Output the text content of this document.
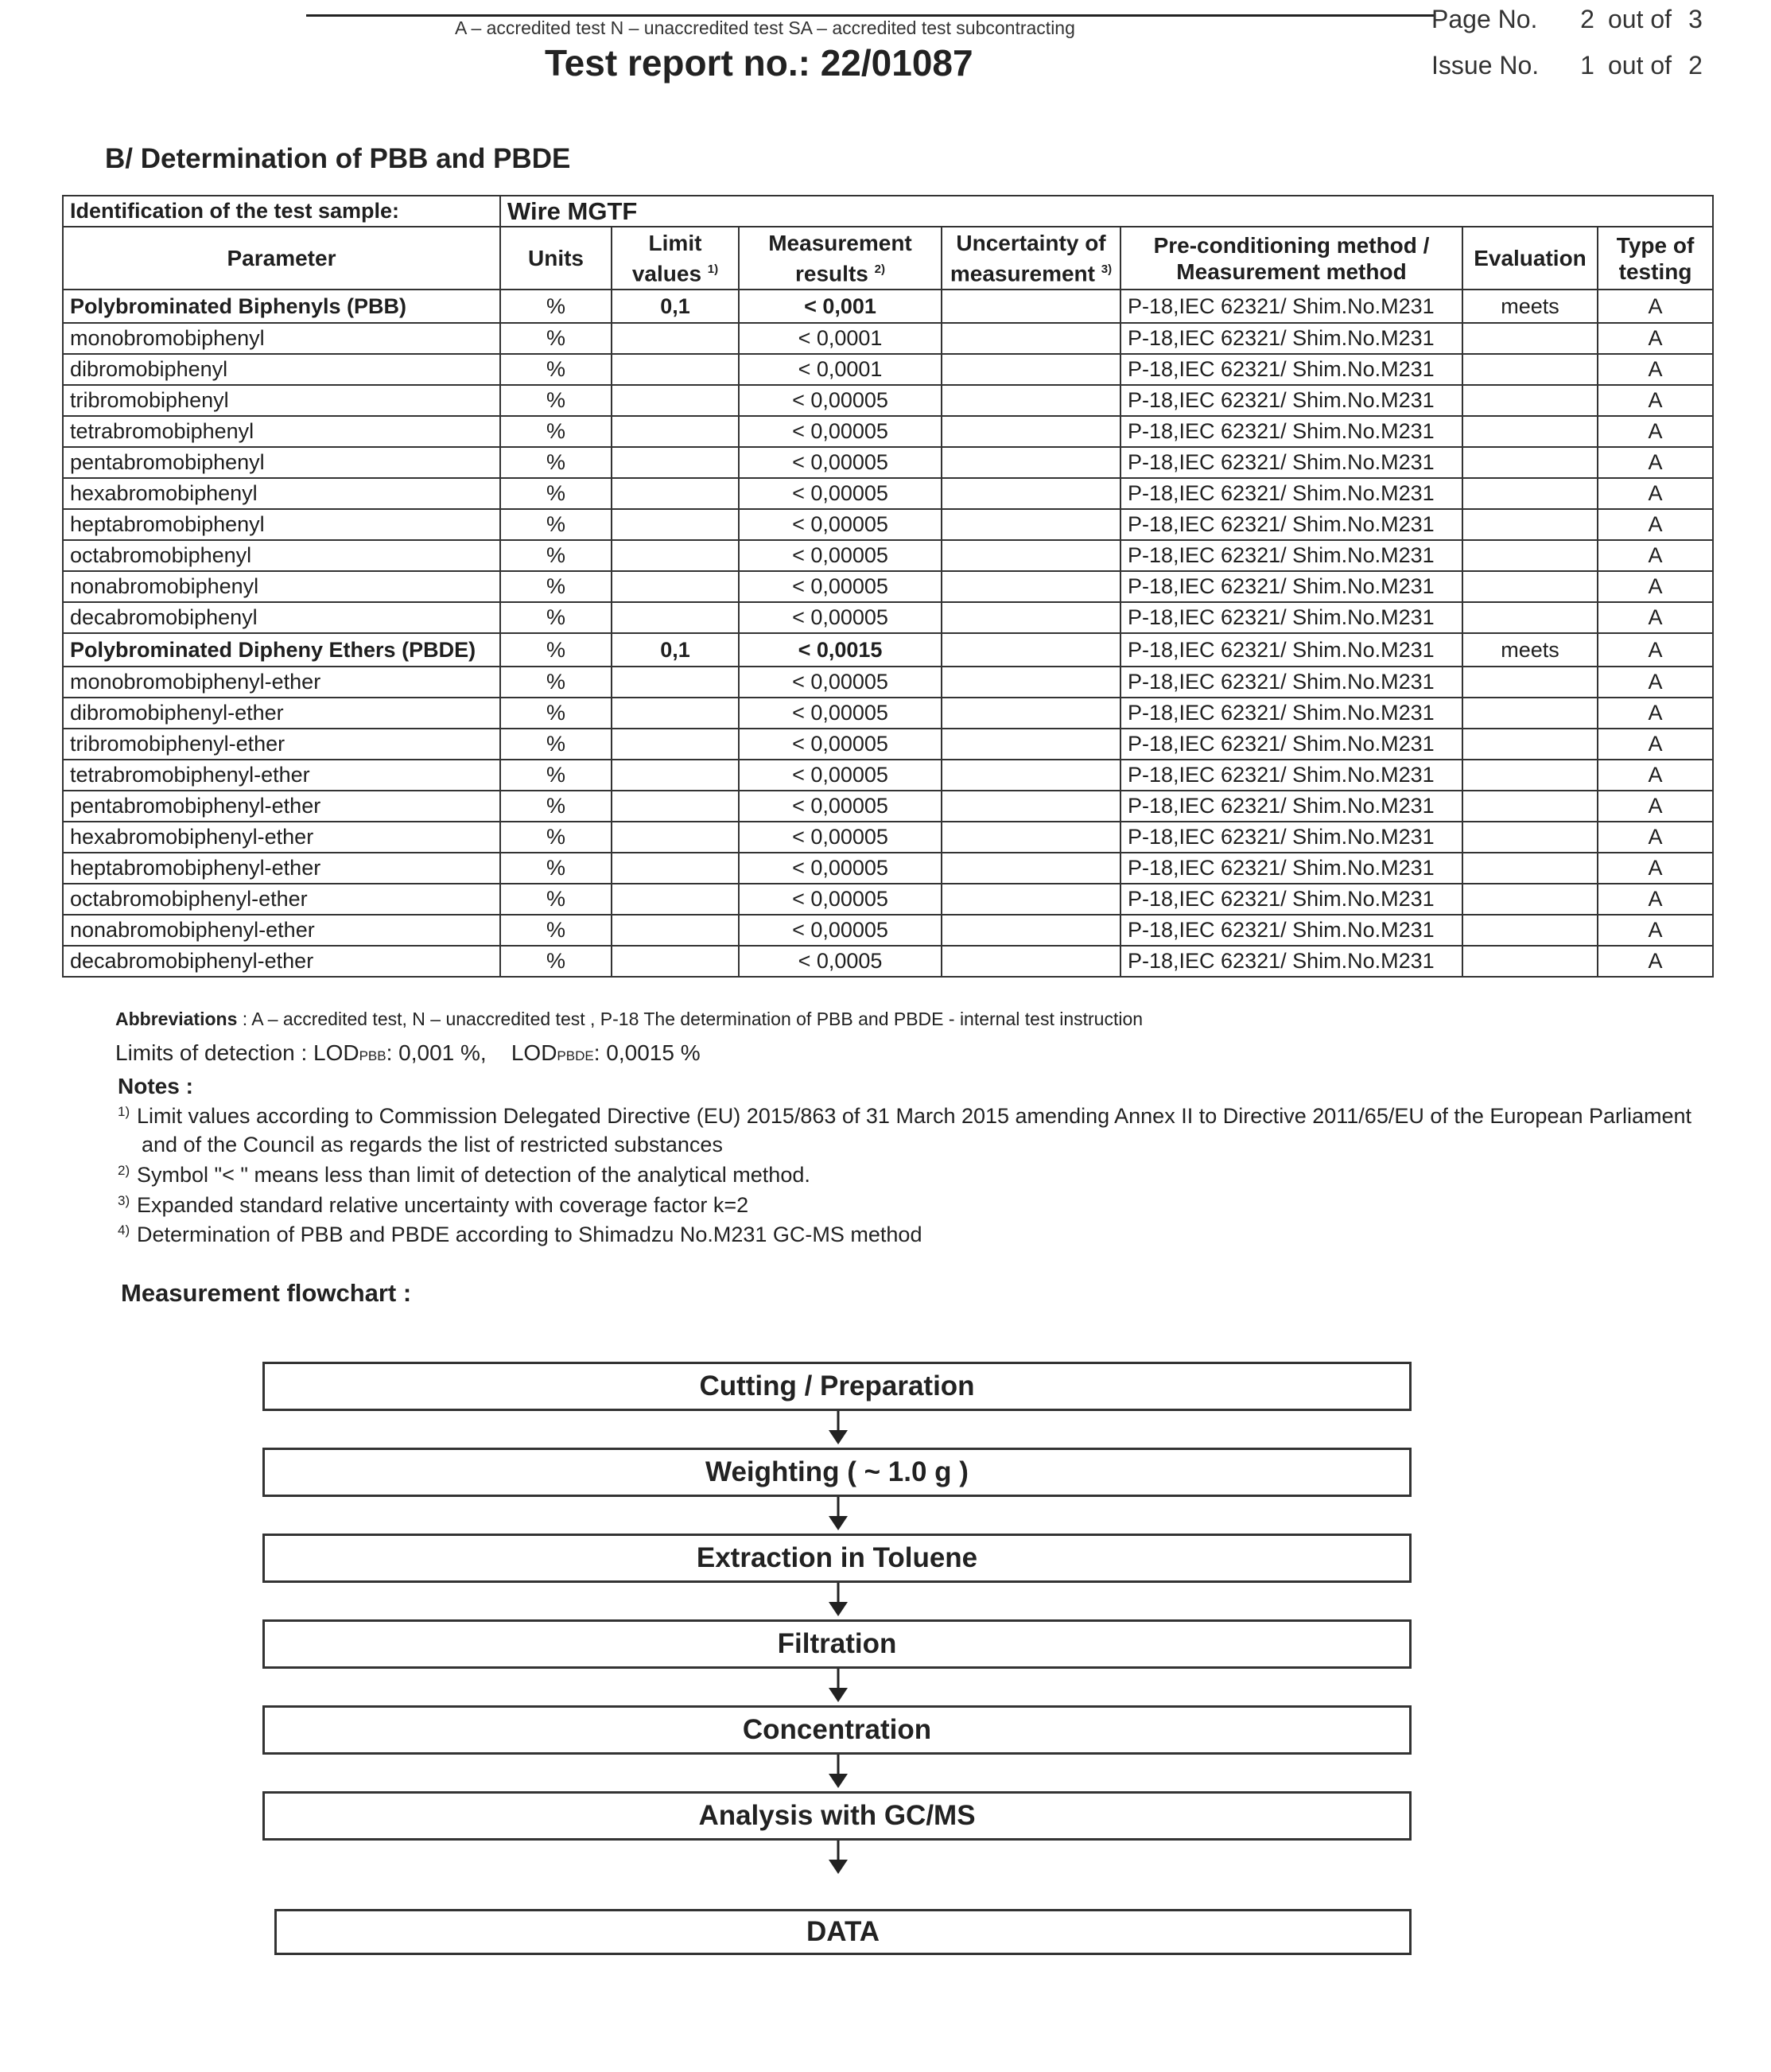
A – accredited test N – unaccredited test SA – accredited test subcontracting
Test report no.: 22/01087
Page No. 2 out of 3
Issue No. 1 out of 2
B/ Determination of PBB and PBDE
Identification of the test sample:	Wire MGTF						
Parameter	Units	Limit values $^{1)}$	Measurement results $^{2)}$	Uncertainty of measurement $^{3)}$	Pre-conditioning method / Measurement method	Evaluation	Type of testing
Polybrominated Biphenyls (PBB)	%	0,1	< 0,001		P-18,IEC 62321/ Shim.No.M231	meets	A
monobromobiphenyl	%		< 0,0001		P-18,IEC 62321/ Shim.No.M231		A
dibromobiphenyl	%		< 0,0001		P-18,IEC 62321/ Shim.No.M231		A
tribromobiphenyl	%		< 0,00005		P-18,IEC 62321/ Shim.No.M231		A
tetrabromobiphenyl	%		< 0,00005		P-18,IEC 62321/ Shim.No.M231		A
pentabromobiphenyl	%		< 0,00005		P-18,IEC 62321/ Shim.No.M231		A
hexabromobiphenyl	%		< 0,00005		P-18,IEC 62321/ Shim.No.M231		A
heptabromobiphenyl	%		< 0,00005		P-18,IEC 62321/ Shim.No.M231		A
octabromobiphenyl	%		< 0,00005		P-18,IEC 62321/ Shim.No.M231		A
nonabromobiphenyl	%		< 0,00005		P-18,IEC 62321/ Shim.No.M231		A
decabromobiphenyl	%		< 0,00005		P-18,IEC 62321/ Shim.No.M231		A
Polybrominated Dipheny Ethers (PBDE)	%	0,1	< 0,0015		P-18,IEC 62321/ Shim.No.M231	meets	A
monobromobiphenyl-ether	%		< 0,00005		P-18,IEC 62321/ Shim.No.M231		A
dibromobiphenyl-ether	%		< 0,00005		P-18,IEC 62321/ Shim.No.M231		A
tribromobiphenyl-ether	%		< 0,00005		P-18,IEC 62321/ Shim.No.M231		A
tetrabromobiphenyl-ether	%		< 0,00005		P-18,IEC 62321/ Shim.No.M231		A
pentabromobiphenyl-ether	%		< 0,00005		P-18,IEC 62321/ Shim.No.M231		A
hexabromobiphenyl-ether	%		< 0,00005		P-18,IEC 62321/ Shim.No.M231		A
heptabromobiphenyl-ether	%		< 0,00005		P-18,IEC 62321/ Shim.No.M231		A
octabromobiphenyl-ether	%		< 0,00005		P-18,IEC 62321/ Shim.No.M231		A
nonabromobiphenyl-ether	%		< 0,00005		P-18,IEC 62321/ Shim.No.M231		A
decabromobiphenyl-ether	%		< 0,0005		P-18,IEC 62321/ Shim.No.M231		A
Abbreviations : A – accredited test, N – unaccredited test , P-18 The determination of PBB and PBDE - internal test instruction
Limits of detection : LODPBB: 0,001 %, LODPBDE: 0,0015 %
Notes :
1) Limit values according to Commission Delegated Directive (EU) 2015/863 of 31 March 2015 amending Annex II to Directive 2011/65/EU of the European Parliament
and of the Council as regards the list of restricted substances
2) Symbol "< " means less than limit of detection of the analytical method.
3) Expanded standard relative uncertainty with coverage factor k=2
4) Determination of PBB and PBDE according to Shimadzu No.M231 GC-MS method
Measurement flowchart :
Cutting / Preparation
Weighting ( ~ 1.0 g )
Extraction in Toluene
Filtration
Concentration
Analysis with GC/MS
DATA
